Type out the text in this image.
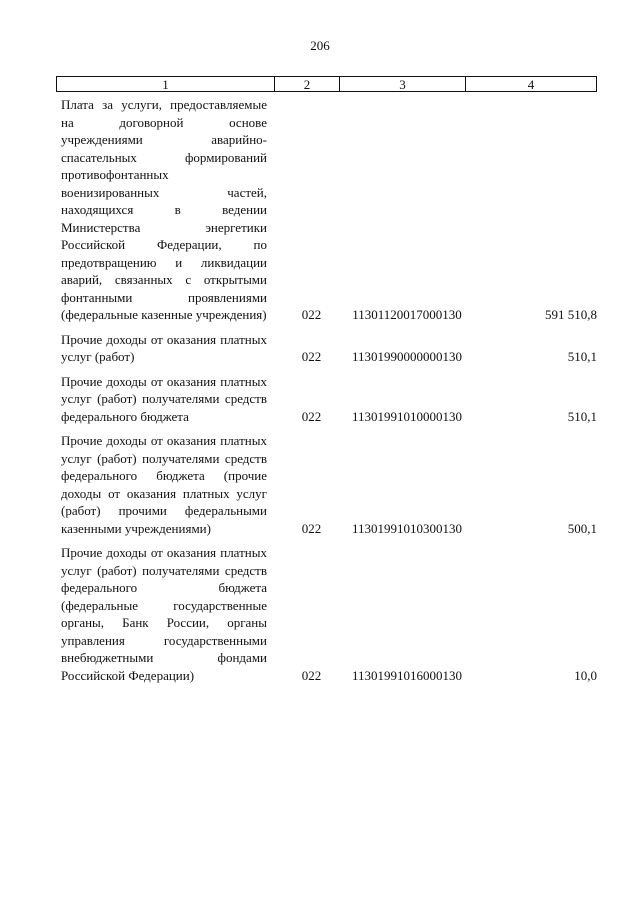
206
1	2	3	4
Плата за услуги, предоставляемые на договорной основе учреждениями аварийно-спасательных формирований противофонтанных военизированных частей, находящихся в ведении Министерства энергетики Российской Федерации, по предотвращению и ликвидации аварий, связанных с открытыми фонтанными проявлениями (федеральные казенные учреждения)	022	11301120017000130	591 510,8
Прочие доходы от оказания платных услуг (работ)	022	11301990000000130	510,1
Прочие доходы от оказания платных услуг (работ) получателями средств федерального бюджета	022	11301991010000130	510,1
Прочие доходы от оказания платных услуг (работ) получателями средств федерального бюджета (прочие доходы от оказания платных услуг (работ) прочими федеральными казенными учреждениями)	022	11301991010300130	500,1
Прочие доходы от оказания платных услуг (работ) получателями средств федерального бюджета (федеральные государственные органы, Банк России, органы управления государственными внебюджетными фондами Российской Федерации)	022	11301991016000130	10,0
